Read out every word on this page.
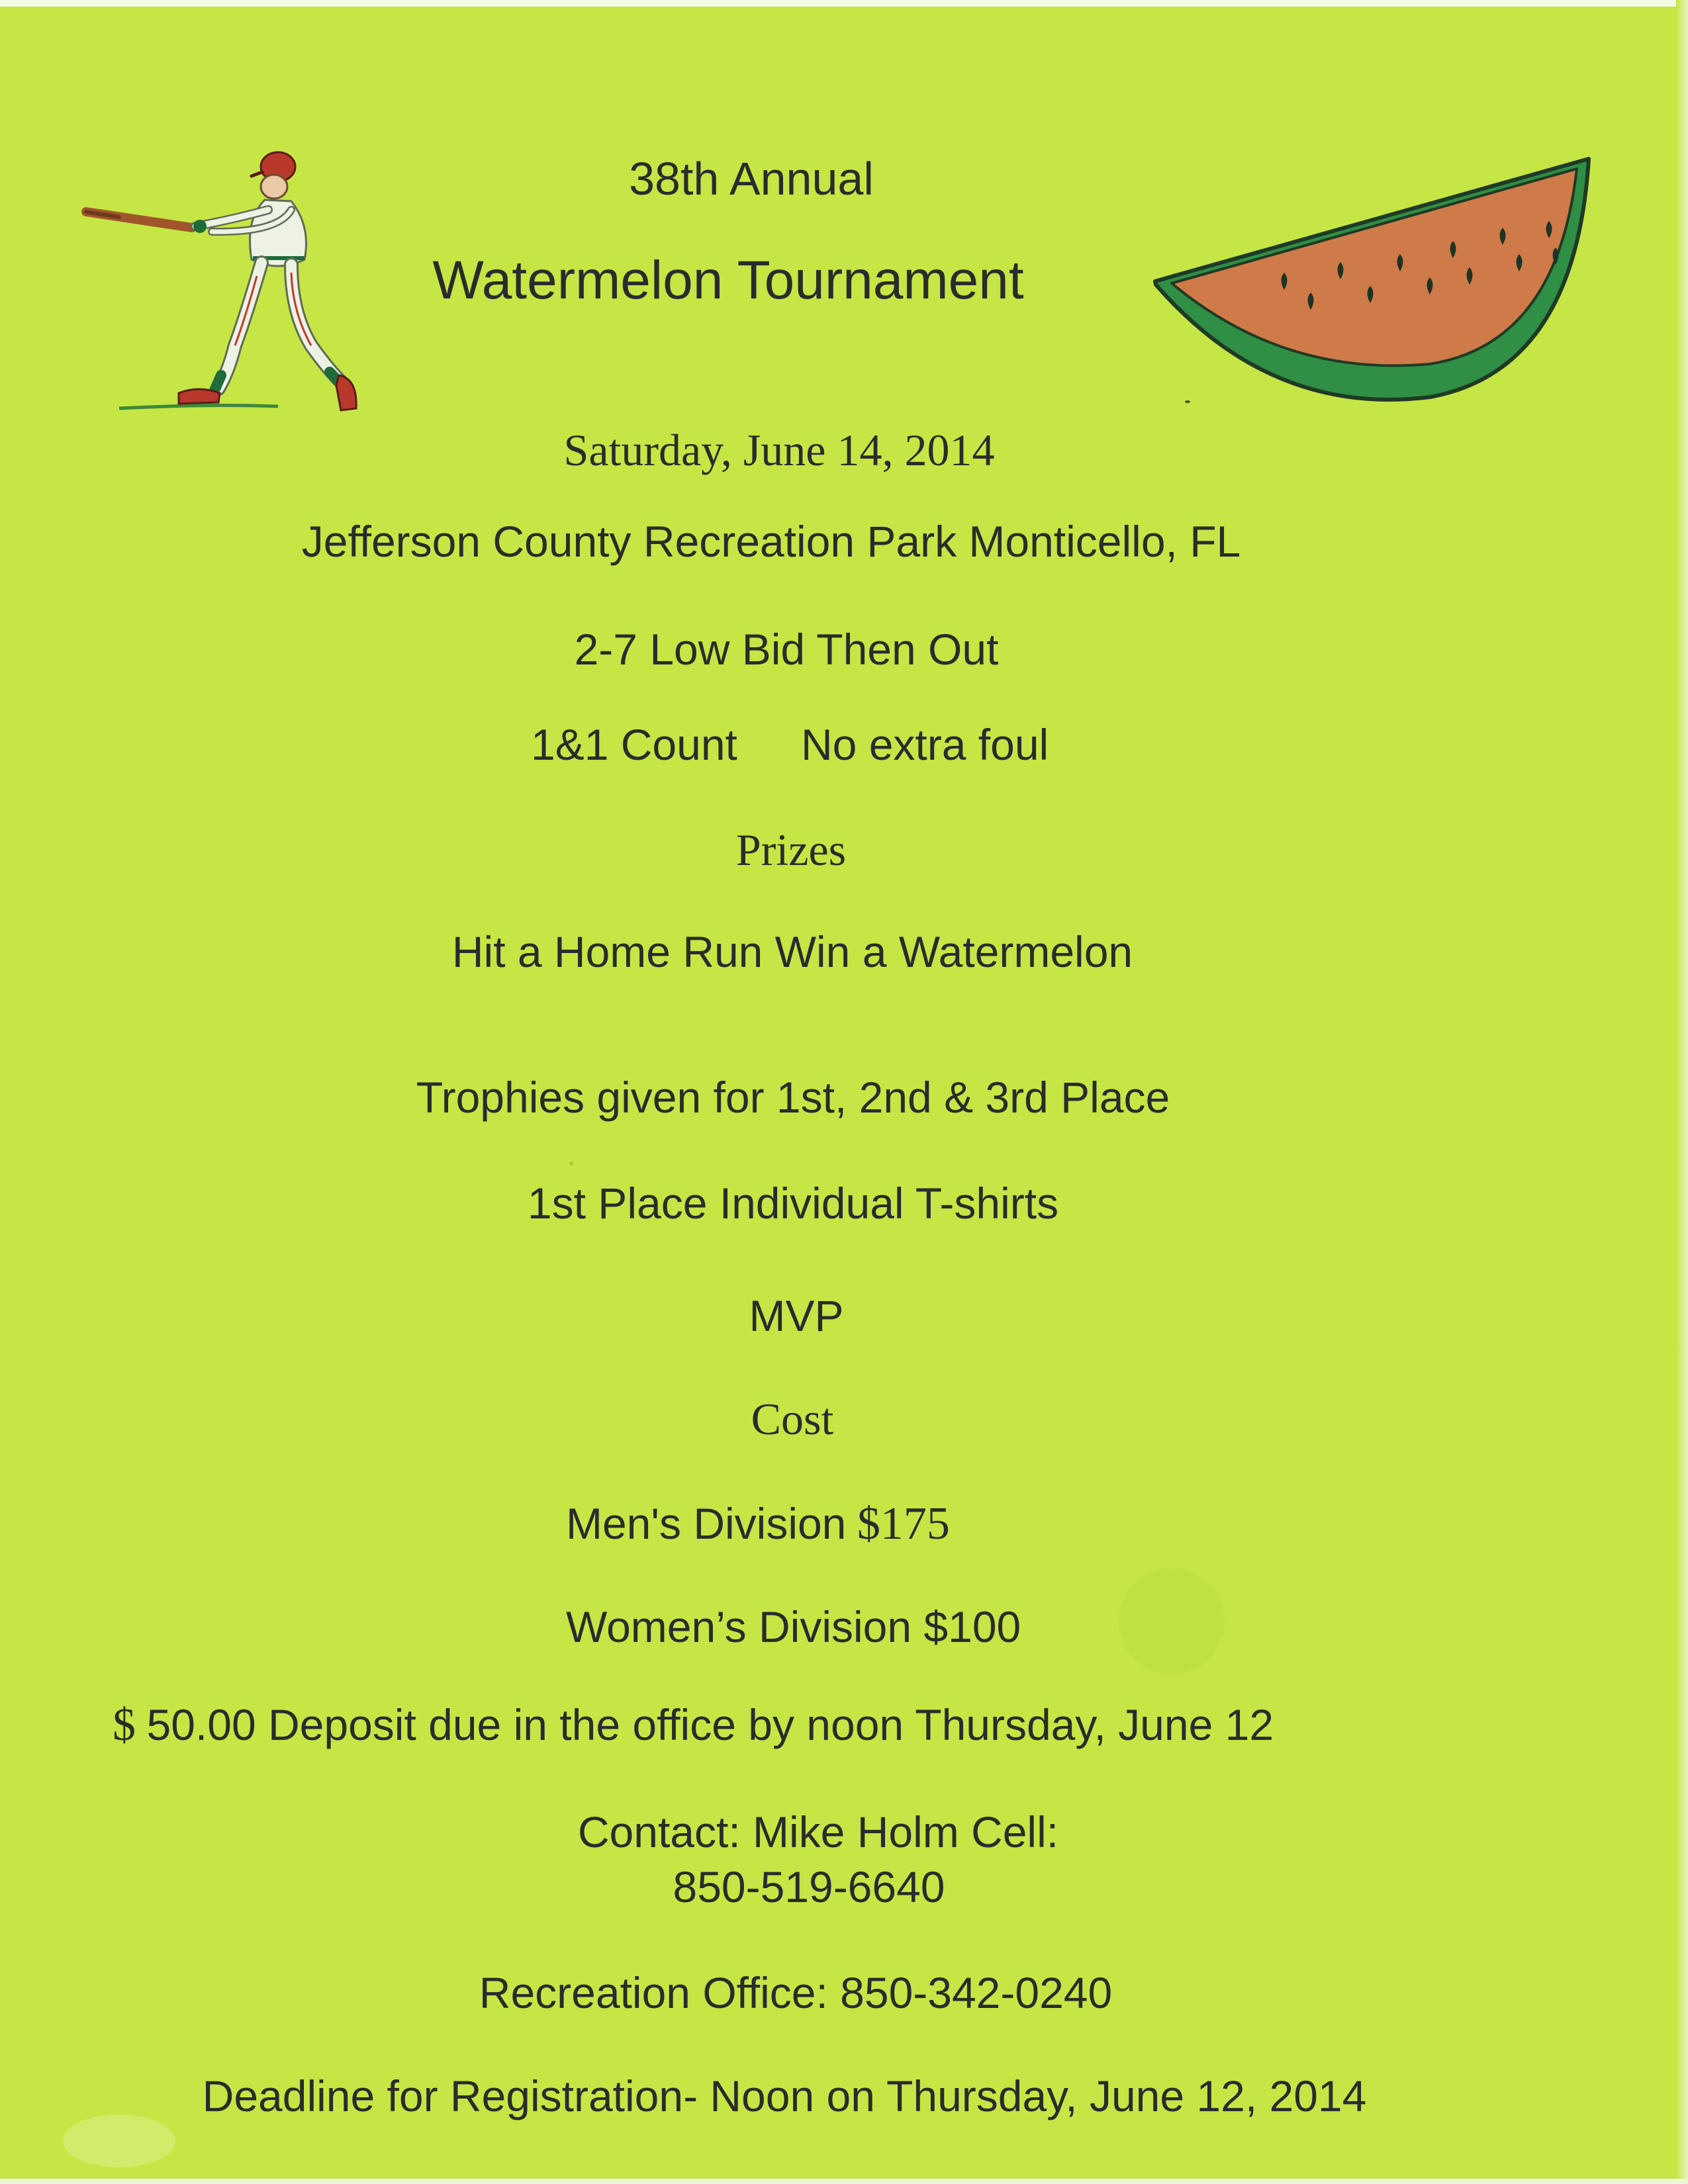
38th Annual
Watermelon Tournament
Saturday, June 14, 2014
Jefferson County Recreation Park Monticello, FL
2-7 Low Bid Then Out
1&1 Count No extra foul
Prizes
Hit a Home Run Win a Watermelon
Trophies given for 1st, 2nd & 3rd Place
1st Place Individual T-shirts
MVP
Cost
Men's Division $175
Women’s Division $100
$ 50.00 Deposit due in the office by noon Thursday, June 12
Contact: Mike Holm Cell:
850-519-6640
Recreation Office: 850-342-0240
Deadline for Registration- Noon on Thursday, June 12, 2014
